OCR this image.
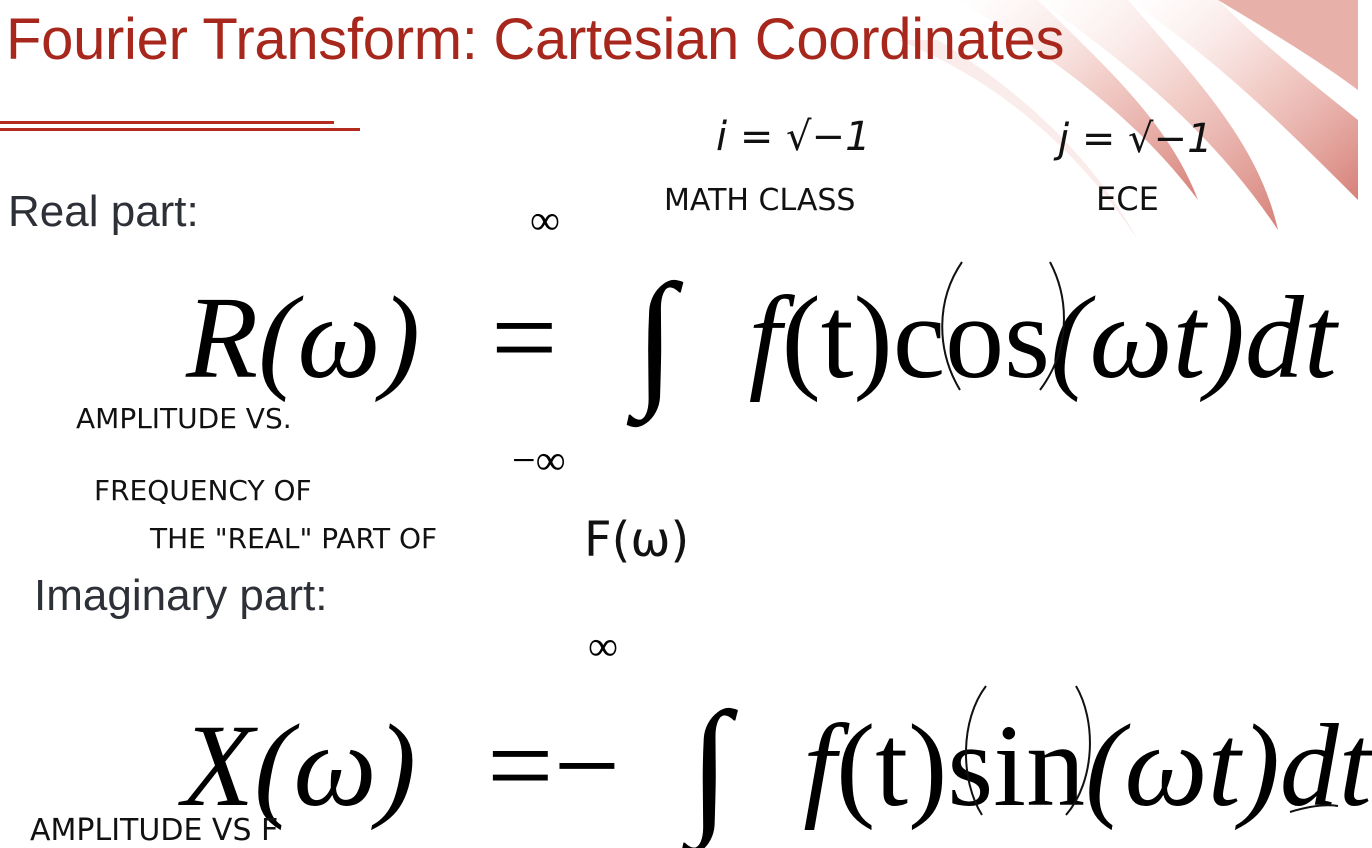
Fourier Transform: Cartesian Coordinates
Real part:
Imaginary part:
R(ω) = ∫ f(t)cos(ωt)dt
∞
−∞
X(ω) =− ∫ f(t)sin(ωt)dt
∞
i = √−1
MATH CLASS
j = √−1
ECE
AMPLITUDE VS.
FREQUENCY OF
THE "REAL" PART OF	F(ω)
AMPLITUDE VS F
